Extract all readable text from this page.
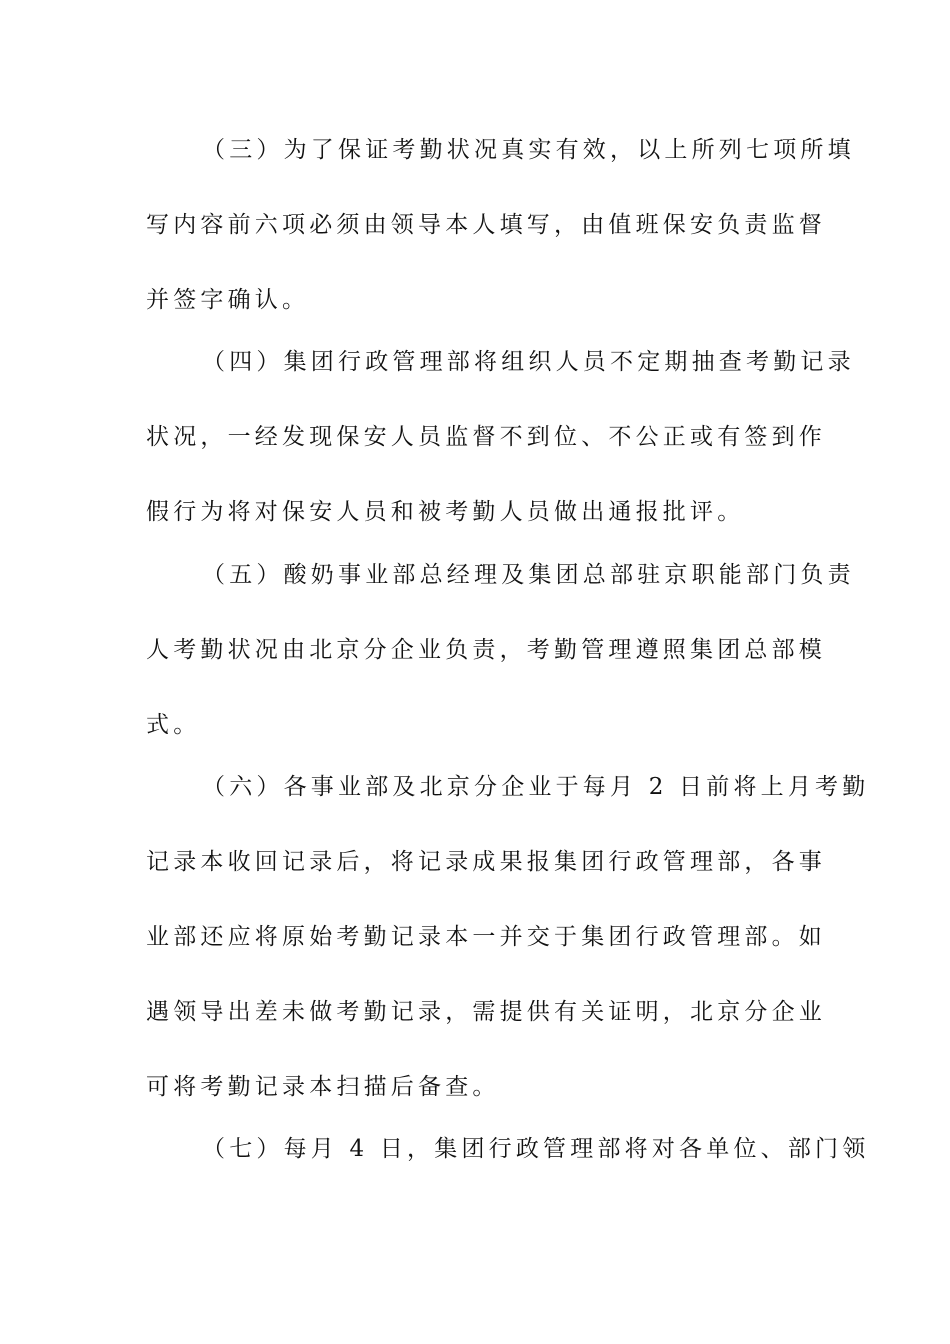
（三）为了保证考勤状况真实有效，以上所列七项所填
写内容前六项必须由领导本人填写，由值班保安负责监督
并签字确认。
（四）集团行政管理部将组织人员不定期抽查考勤记录
状况，一经发现保安人员监督不到位、不公正或有签到作
假行为将对保安人员和被考勤人员做出通报批评。
（五）酸奶事业部总经理及集团总部驻京职能部门负责
人考勤状况由北京分企业负责，考勤管理遵照集团总部模
式。
（六）各事业部及北京分企业于每月 2 日前将上月考勤
记录本收回记录后，将记录成果报集团行政管理部，各事
业部还应将原始考勤记录本一并交于集团行政管理部。如
遇领导出差未做考勤记录，需提供有关证明，北京分企业
可将考勤记录本扫描后备查。
（七）每月 4 日，集团行政管理部将对各单位、部门领
